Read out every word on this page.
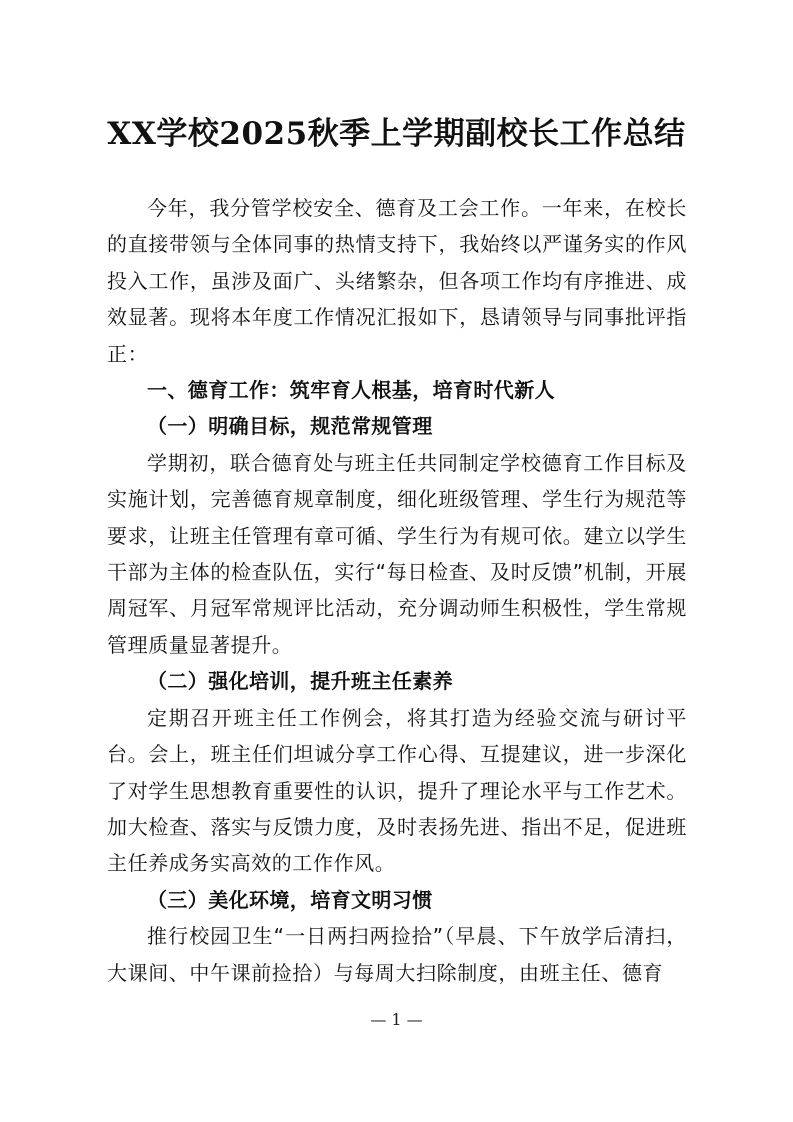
XX学校2025秋季上学期副校长工作总结

今年，我分管学校安全、德育及工会工作。一年来，在校长的直接带领与全体同事的热情支持下，我始终以严谨务实的作风投入工作，虽涉及面广、头绪繁杂，但各项工作均有序推进、成效显著。现将本年度工作情况汇报如下，恳请领导与同事批评指正：

一、德育工作：筑牢育人根基，培育时代新人

（一）明确目标，规范常规管理

学期初，联合德育处与班主任共同制定学校德育工作目标及实施计划，完善德育规章制度，细化班级管理、学生行为规范等要求，让班主任管理有章可循、学生行为有规可依。建立以学生干部为主体的检查队伍，实行“每日检查、及时反馈”机制，开展周冠军、月冠军常规评比活动，充分调动师生积极性，学生常规管理质量显著提升。

（二）强化培训，提升班主任素养

定期召开班主任工作例会，将其打造为经验交流与研讨平台。会上，班主任们坦诚分享工作心得、互提建议，进一步深化了对学生思想教育重要性的认识，提升了理论水平与工作艺术。加大检查、落实与反馈力度，及时表扬先进、指出不足，促进班主任养成务实高效的工作作风。

（三）美化环境，培育文明习惯

推行校园卫生“一日两扫两捡拾”（早晨、下午放学后清扫，大课间、中午课前捡拾）与每周大扫除制度，由班主任、德育

— 1 —
